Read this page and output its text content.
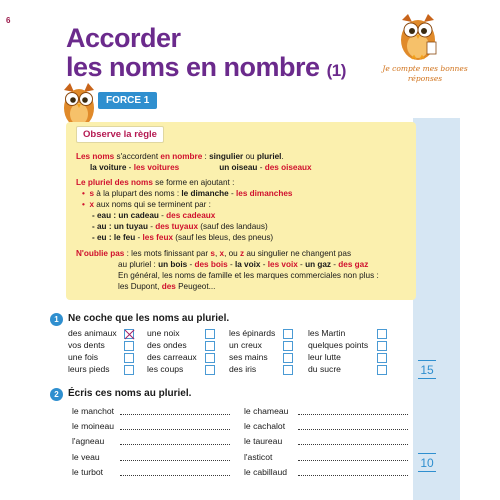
6
Accorder
les noms en nombre (1)	Je compte mes bonnes réponses
FORCE 1
Observe la règle
Les noms s'accordent en nombre : singulier ou pluriel.
la voiture - les voitures	un oiseau - des oiseaux
Le pluriel des noms se forme en ajoutant :
• s à la plupart des noms : le dimanche - les dimanches
• x aux noms qui se terminent par :
- eau : un cadeau - des cadeaux
- au : un tuyau - des tuyaux (sauf des landaus)
- eu : le feu - les feux (sauf les bleus, des pneus)
N'oublie pas : les mots finissant par s, x, ou z au singulier ne changent pas
au pluriel : un bois - des bois - la voix - les voix - un gaz - des gaz
En général, les noms de famille et les marques commerciales non plus :
les Dupont, des Peugeot...
1 Ne coche que les noms au pluriel.
15
2 Écris ces noms au pluriel.
10
des animaux	une noix	les épinards	les Martin
vos dents	des ondes	un creux	quelques points
une fois	des carreaux	ses mains	leur lutte
leurs pieds	les coups	des iris	du sucre
le manchot	le chameau
le moineau	le cachalot
l'agneau	le taureau
le veau	l'asticot
le turbot	le cabillaud
